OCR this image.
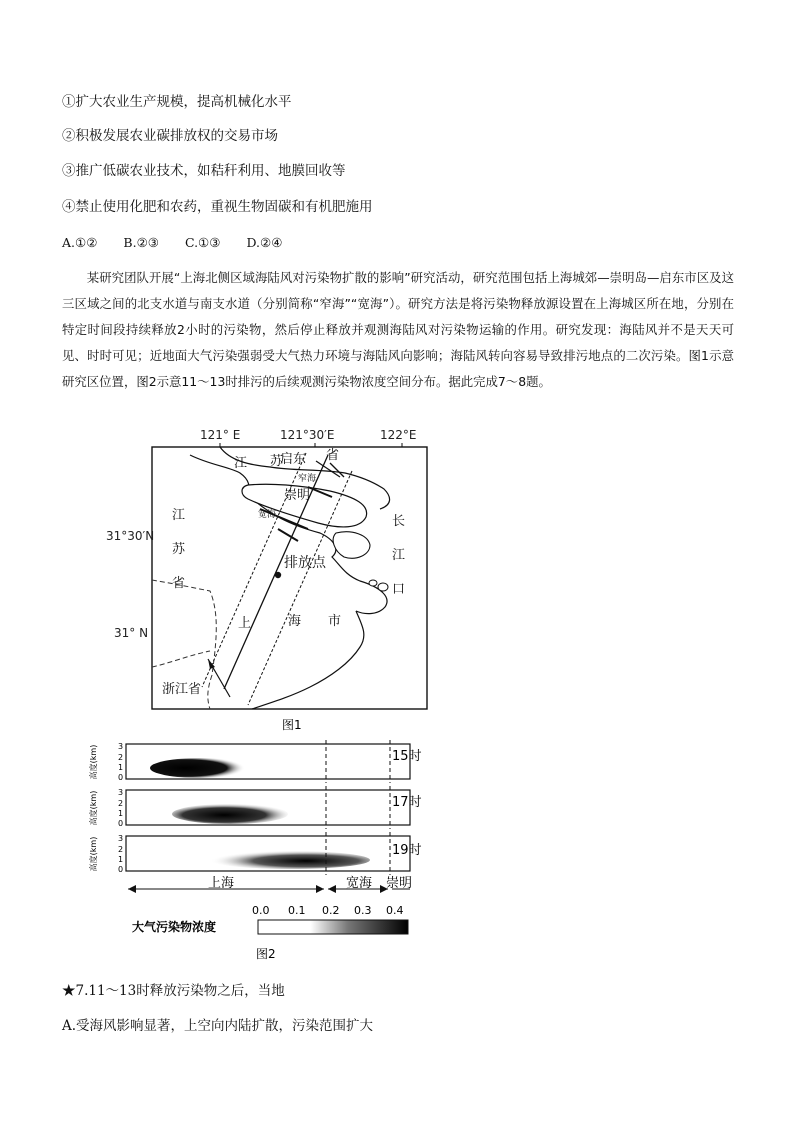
①扩大农业生产规模，提高机械化水平
②积极发展农业碳排放权的交易市场
③推广低碳农业技术，如秸秆利用、地膜回收等
④禁止使用化肥和农药，重视生物固碳和有机肥施用
A.①② B.②③ C.①③ D.②④
某研究团队开展“上海北侧区域海陆风对污染物扩散的影响”研究活动，研究范围包括上海城郊—崇明岛—启东市区及这三区域之间的北支水道与南支水道（分别简称“窄海”“宽海”）。研究方法是将污染物释放源设置在上海城区所在地，分别在特定时间段持续释放2小时的污染物，然后停止释放并观测海陆风对污染物运输的作用。研究发现：海陆风并不是天天可见、时时可见；近地面大气污染强弱受大气热力环境与海陆风向影响；海陆风转向容易导致排污地点的二次污染。图1示意研究区位置，图2示意11～13时排污的后续观测污染物浓度空间分布。据此完成7～8题。
121° E	121°30′E	122°E
江 苏	省
启东
窄海
崇明
宽海
江
苏
省
长
江
口
排放点
上	海 市
浙江省
31°30′N
31° N
图1
15时
17时
19时
3
2
1
0
3
2
1
0
3
2
1
0
高度(km)
高度(km)
高度(km)
上海	宽海 崇明
0.0 0.1 0.2 0.3 0.4
大气污染物浓度
图2
★7.11～13时释放污染物之后，当地
A.受海风影响显著，上空向内陆扩散，污染范围扩大
